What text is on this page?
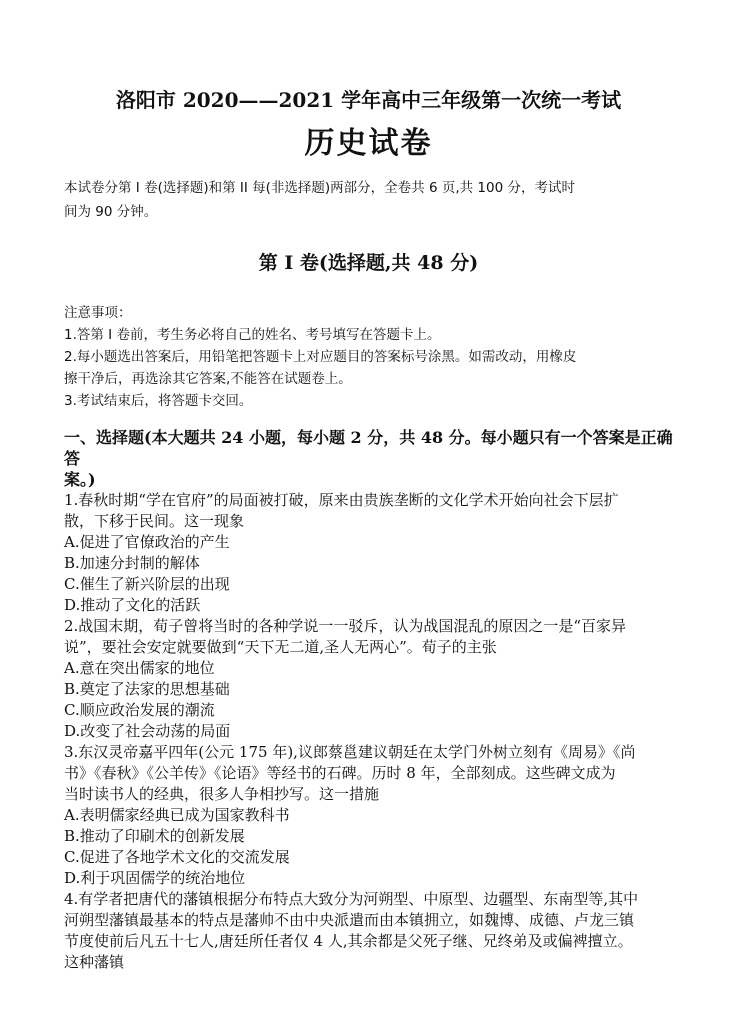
洛阳市 2020——2021 学年高中三年级第一次统一考试
历史试卷
本试卷分第 I 卷(选择题)和第 II 每(非选择题)两部分，全卷共 6 页,共 100 分，考试时
间为 90 分钟。
第 I 卷(选择题,共 48 分)
注意事项：
1.答第 I 卷前，考生务必将自己的姓名、考号填写在答题卡上。
2.每小题选出答案后，用铅笔把答题卡上对应题目的答案标号涂黑。如需改动，用橡皮
擦干净后，再选涂其它答案,不能答在试题卷上。
3.考试结束后，将答题卡交回。
一、选择题(本大题共 24 小题，每小题 2 分，共 48 分。每小题只有一个答案是正确答
案。)
1.春秋时期“学在官府”的局面被打破，原来由贵族垄断的文化学术开始向社会下层扩
散，下移于民间。这一现象
A.促进了官僚政治的产生
B.加速分封制的解体
C.催生了新兴阶层的出现
D.推动了文化的活跃
2.战国末期，荀子曾将当时的各种学说一一驳斥，认为战国混乱的原因之一是“百家异
说”，要社会安定就要做到“天下无二道,圣人无两心”。荀子的主张
A.意在突出儒家的地位
B.奠定了法家的思想基础
C.顺应政治发展的潮流
D.改变了社会动荡的局面
3.东汉灵帝嘉平四年(公元 175 年),议郎蔡邕建议朝廷在太学门外树立刻有《周易》《尚
书》《春秋》《公羊传》《论语》等经书的石碑。历时 8 年，全部刻成。这些碑文成为
当时读书人的经典，很多人争相抄写。这一措施
A.表明儒家经典已成为国家教科书
B.推动了印刷术的创新发展
C.促进了各地学术文化的交流发展
D.利于巩固儒学的统治地位
4.有学者把唐代的藩镇根据分布特点大致分为河朔型、中原型、边疆型、东南型等,其中
河朔型藩镇最基本的特点是藩帅不由中央派遣而由本镇拥立，如魏博、成德、卢龙三镇
节度使前后凡五十七人,唐廷所任者仅 4 人,其余都是父死子继、兄终弟及或偏裨擅立。
这种藩镇
